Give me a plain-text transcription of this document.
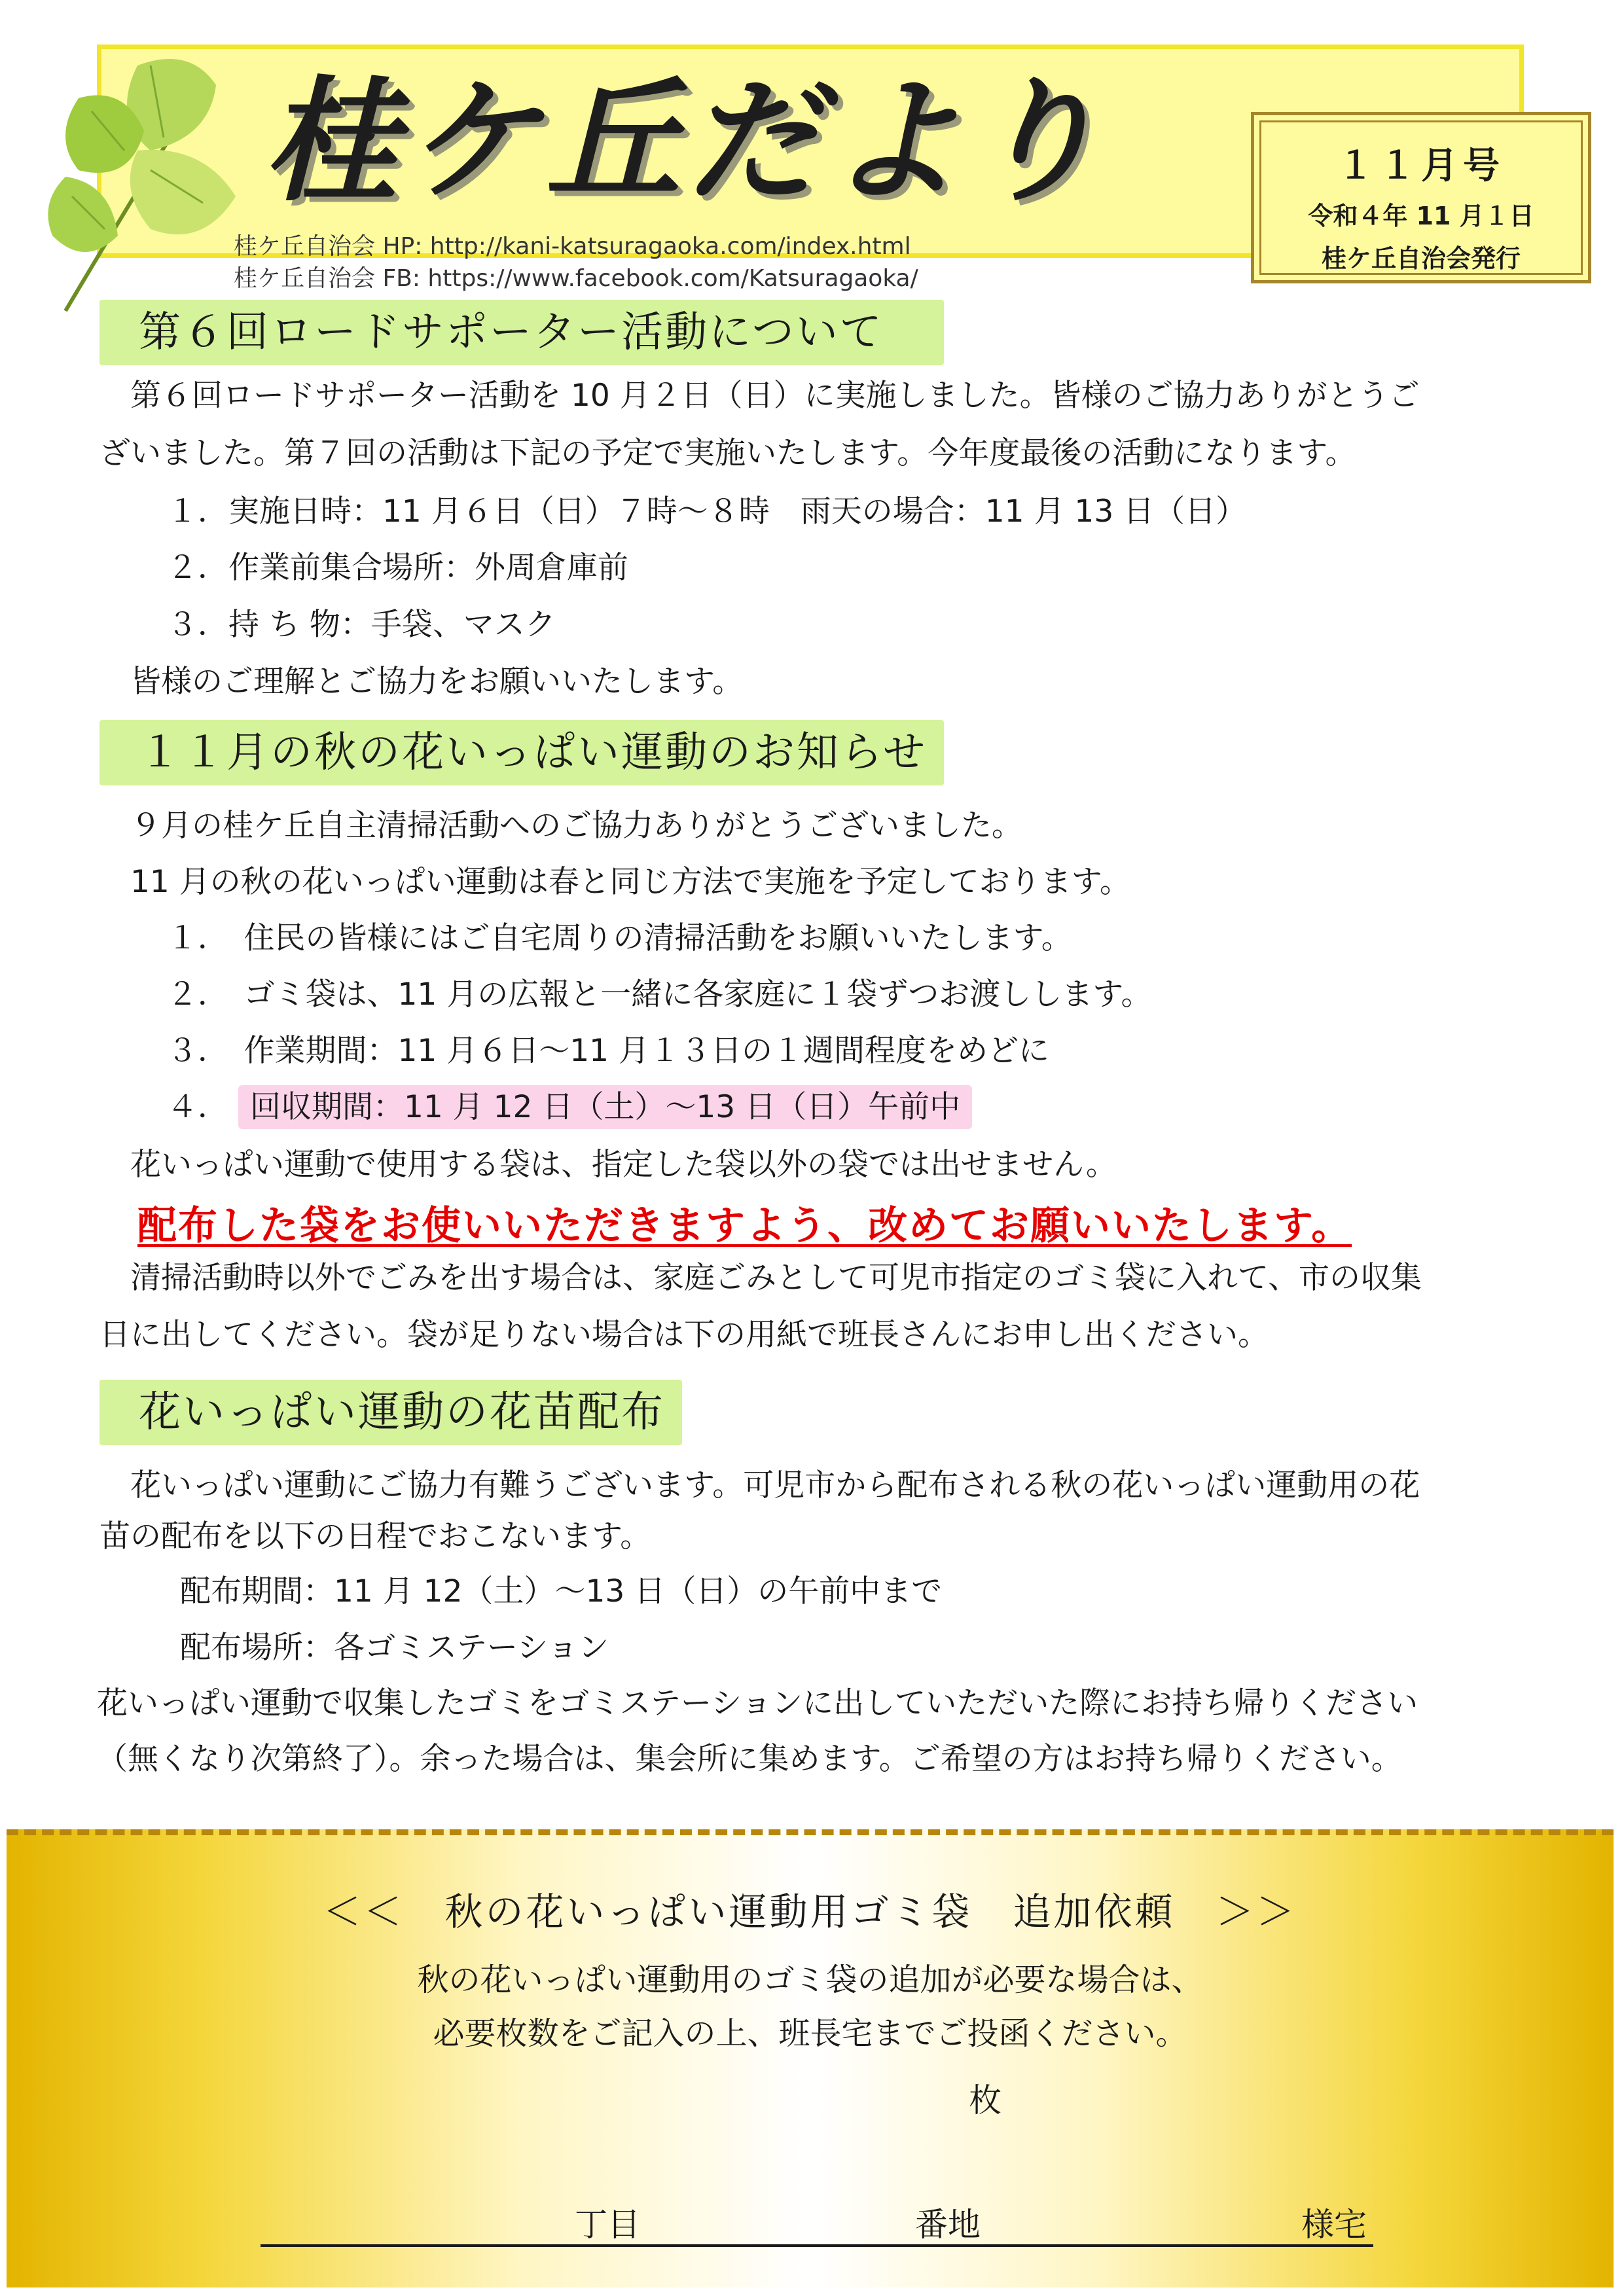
桂ケ丘だより
桂ケ丘自治会 HP: http://kani-katsuragaoka.com/index.html
桂ケ丘自治会 FB: https://www.facebook.com/Katsuragaoka/
１１月号
令和４年 11 月１日
桂ケ丘自治会発行
第６回ロードサポーター活動について
　第６回ロードサポーター活動を 10 月２日（日）に実施しました。皆様のご協力ありがとうご
ざいました。第７回の活動は下記の予定で実施いたします。今年度最後の活動になります。
１．実施日時：11 月６日（日）７時～８時　雨天の場合：11 月 13 日（日）
２．作業前集合場所：外周倉庫前
３．持 ち 物：手袋、マスク
　皆様のご理解とご協力をお願いいたします。
１１月の秋の花いっぱい運動のお知らせ
　９月の桂ケ丘自主清掃活動へのご協力ありがとうございました。
　11 月の秋の花いっぱい運動は春と同じ方法で実施を予定しております。
１．　住民の皆様にはご自宅周りの清掃活動をお願いいたします。
２．　ゴミ袋は、11 月の広報と一緒に各家庭に１袋ずつお渡しします。
３．　作業期間：11 月６日～11 月１３日の１週間程度をめどに
４． 回収期間：11 月 12 日（土）～13 日（日）午前中
　花いっぱい運動で使用する袋は、指定した袋以外の袋では出せません。
配布した袋をお使いいただきますよう、改めてお願いいたします。
　清掃活動時以外でごみを出す場合は、家庭ごみとして可児市指定のゴミ袋に入れて、市の収集
日に出してください。袋が足りない場合は下の用紙で班長さんにお申し出ください。
花いっぱい運動の花苗配布
　花いっぱい運動にご協力有難うございます。可児市から配布される秋の花いっぱい運動用の花
苗の配布を以下の日程でおこないます。
配布期間：11 月 12（土）～13 日（日）の午前中まで
配布場所：各ゴミステーション
花いっぱい運動で収集したゴミをゴミステーションに出していただいた際にお持ち帰りください
（無くなり次第終了）。余った場合は、集会所に集めます。ご希望の方はお持ち帰りください。
＜＜　秋の花いっぱい運動用ゴミ袋　追加依頼　＞＞
秋の花いっぱい運動用のゴミ袋の追加が必要な場合は、
必要枚数をご記入の上、班長宅までご投函ください。
枚
丁目	番地	様宅
